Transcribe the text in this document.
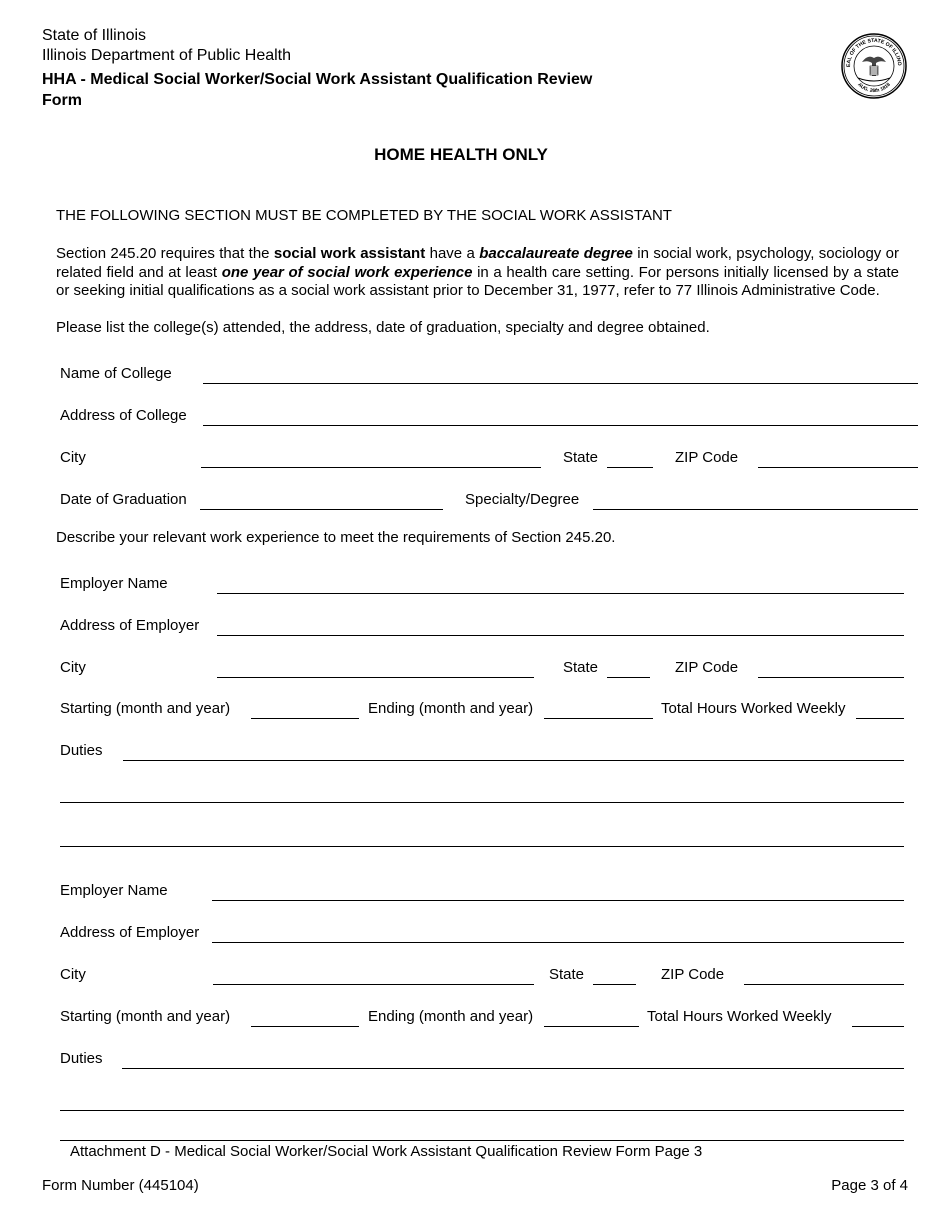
State of Illinois
Illinois Department of Public Health
HHA - Medical Social Worker/Social Work Assistant Qualification Review
Form
EAL OF THE STATE OF ILLINO
AUG. 26th 1818
HOME HEALTH ONLY
THE FOLLOWING SECTION MUST BE COMPLETED BY THE SOCIAL WORK ASSISTANT
Section 245.20 requires that the social work assistant have a baccalaureate degree in social work, psychology, sociology or related field and at least one year of social work experience in a health care setting. For persons initially licensed by a state or seeking initial qualifications as a social work assistant prior to December 31, 1977, refer to 77 Illinois Administrative Code.
Please list the college(s) attended, the address, date of graduation, specialty and degree obtained.
Name of College
Address of College
City	State	ZIP Code
Date of Graduation	Specialty/Degree
Describe your relevant work experience to meet the requirements of Section 245.20.
Employer Name
Address of Employer
City	State	ZIP Code
Starting (month and year)	Ending (month and year)	Total Hours Worked Weekly
Duties
Employer Name
Address of Employer
City	State	ZIP Code
Starting (month and year)	Ending (month and year)	Total Hours Worked Weekly
Duties
Attachment D - Medical Social Worker/Social Work Assistant Qualification Review Form Page 3
Form Number (445104)	Page 3 of 4
